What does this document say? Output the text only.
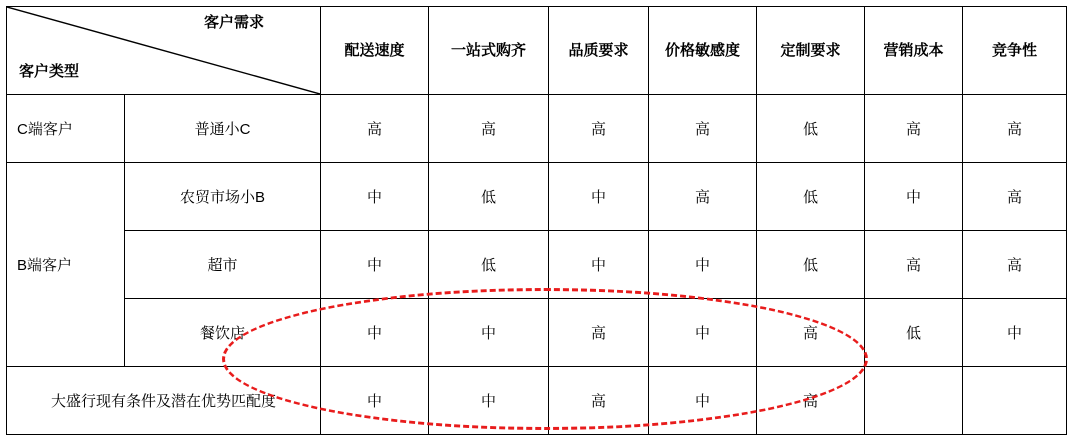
客户需求
客户类型		配送速度	一站式购齐	品质要求	价格敏感度	定制要求	营销成本	竞争性
C端客户	普通小C	高	高	高	高	低	高	高
B端客户	农贸市场小B	中	低	中	高	低	中	高
	超市	中	低	中	中	低	高	高
	餐饮店	中	中	高	中	高	低	中
大盛行现有条件及潜在优势匹配度		中	中	高	中	高		
